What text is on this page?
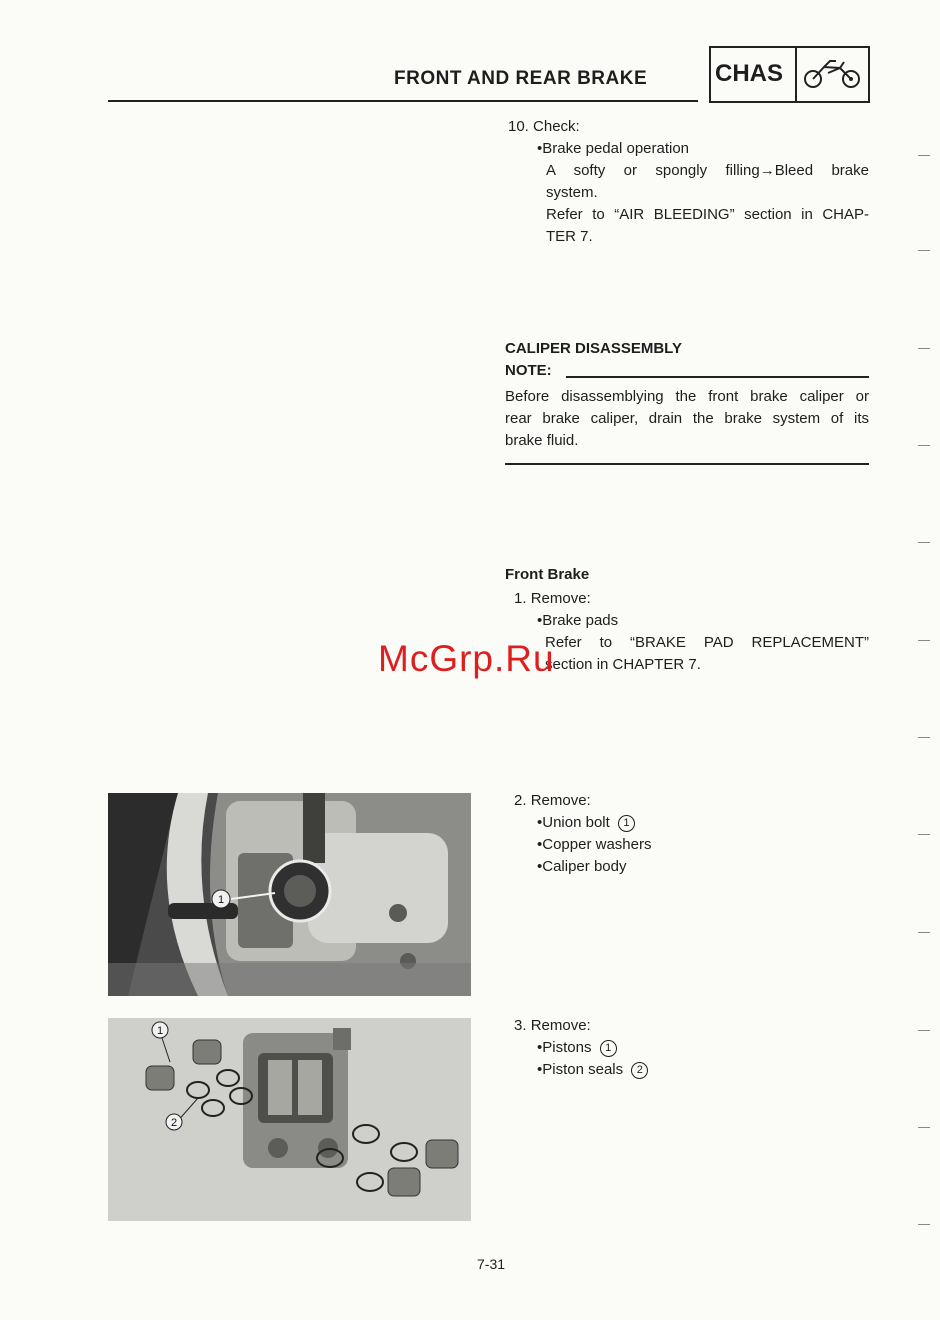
FRONT AND REAR BRAKE	CHAS
10. Check:
•Brake pedal operation
A softy or spongly filling→Bleed brake
system.
Refer to “AIR BLEEDING” section in CHAP-
TER 7.
CALIPER DISASSEMBLY
NOTE:
Before disassemblying the front brake caliper or
rear brake caliper, drain the brake system of its
brake fluid.
Front Brake
1. Remove:
•Brake pads
Refer to “BRAKE PAD REPLACEMENT”
section in CHAPTER 7.
1
2. Remove:
•Union bolt 1
•Copper washers
•Caliper body
1
2
3. Remove:
•Pistons 1
•Piston seals 2
McGrp.Ru
7-31
